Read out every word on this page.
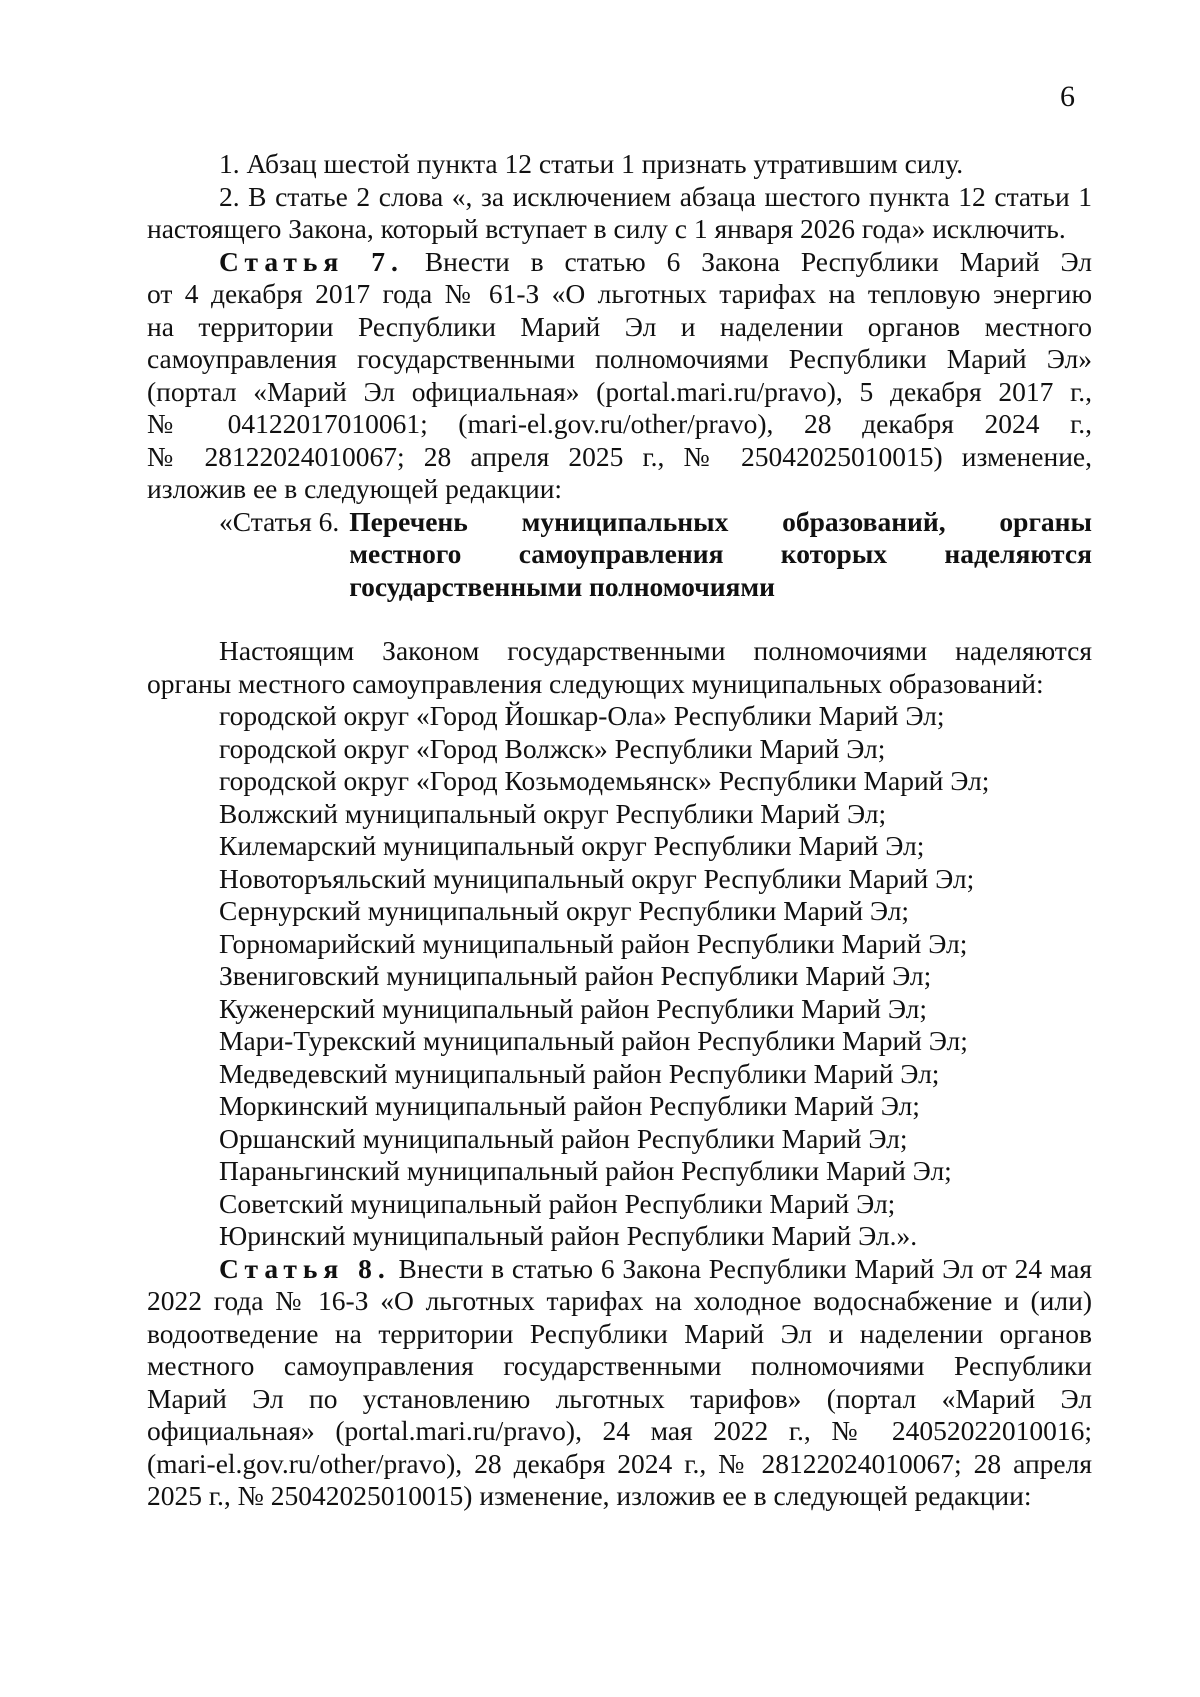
6

1. Абзац шестой пункта 12 статьи 1 признать утратившим силу.

2. В статье 2 слова «, за исключением абзаца шестого пункта 12 статьи 1

настоящего Закона, который вступает в силу с 1 января 2026 года» исключить.

Статья 7. Внести в статью 6 Закона Республики Марий Эл

от 4 декабря 2017 года № 61-З «О льготных тарифах на тепловую энергию

на территории Республики Марий Эл и наделении органов местного

самоуправления государственными полномочиями Республики Марий Эл»

(портал «Марий Эл официальная» (portal.mari.ru/pravo), 5 декабря 2017 г.,

№ 04122017010061; (mari-el.gov.ru/other/pravo), 28 декабря 2024 г.,

№ 28122024010067; 28 апреля 2025 г., № 25042025010015) изменение,

изложив ее в следующей редакции:

«Статья 6. Перечень муниципальных образований, органы
местного самоуправления которых наделяются
государственными полномочиями

Настоящим Законом государственными полномочиями наделяются

органы местного самоуправления следующих муниципальных образований:

городской округ «Город Йошкар-Ола» Республики Марий Эл;

городской округ «Город Волжск» Республики Марий Эл;

городской округ «Город Козьмодемьянск» Республики Марий Эл;

Волжский муниципальный округ Республики Марий Эл;

Килемарский муниципальный округ Республики Марий Эл;

Новоторъяльский муниципальный округ Республики Марий Эл;

Сернурский муниципальный округ Республики Марий Эл;

Горномарийский муниципальный район Республики Марий Эл;

Звениговский муниципальный район Республики Марий Эл;

Куженерский муниципальный район Республики Марий Эл;

Мари-Турекский муниципальный район Республики Марий Эл;

Медведевский муниципальный район Республики Марий Эл;

Моркинский муниципальный район Республики Марий Эл;

Оршанский муниципальный район Республики Марий Эл;

Параньгинский муниципальный район Республики Марий Эл;

Советский муниципальный район Республики Марий Эл;

Юринский муниципальный район Республики Марий Эл.».

Статья 8. Внести в статью 6 Закона Республики Марий Эл от 24 мая

2022 года № 16-З «О льготных тарифах на холодное водоснабжение и (или)

водоотведение на территории Республики Марий Эл и наделении органов

местного самоуправления государственными полномочиями Республики

Марий Эл по установлению льготных тарифов» (портал «Марий Эл

официальная» (portal.mari.ru/pravo), 24 мая 2022 г., № 24052022010016;

(mari-el.gov.ru/other/pravo), 28 декабря 2024 г., № 28122024010067; 28 апреля

2025 г., № 25042025010015) изменение, изложив ее в следующей редакции:
